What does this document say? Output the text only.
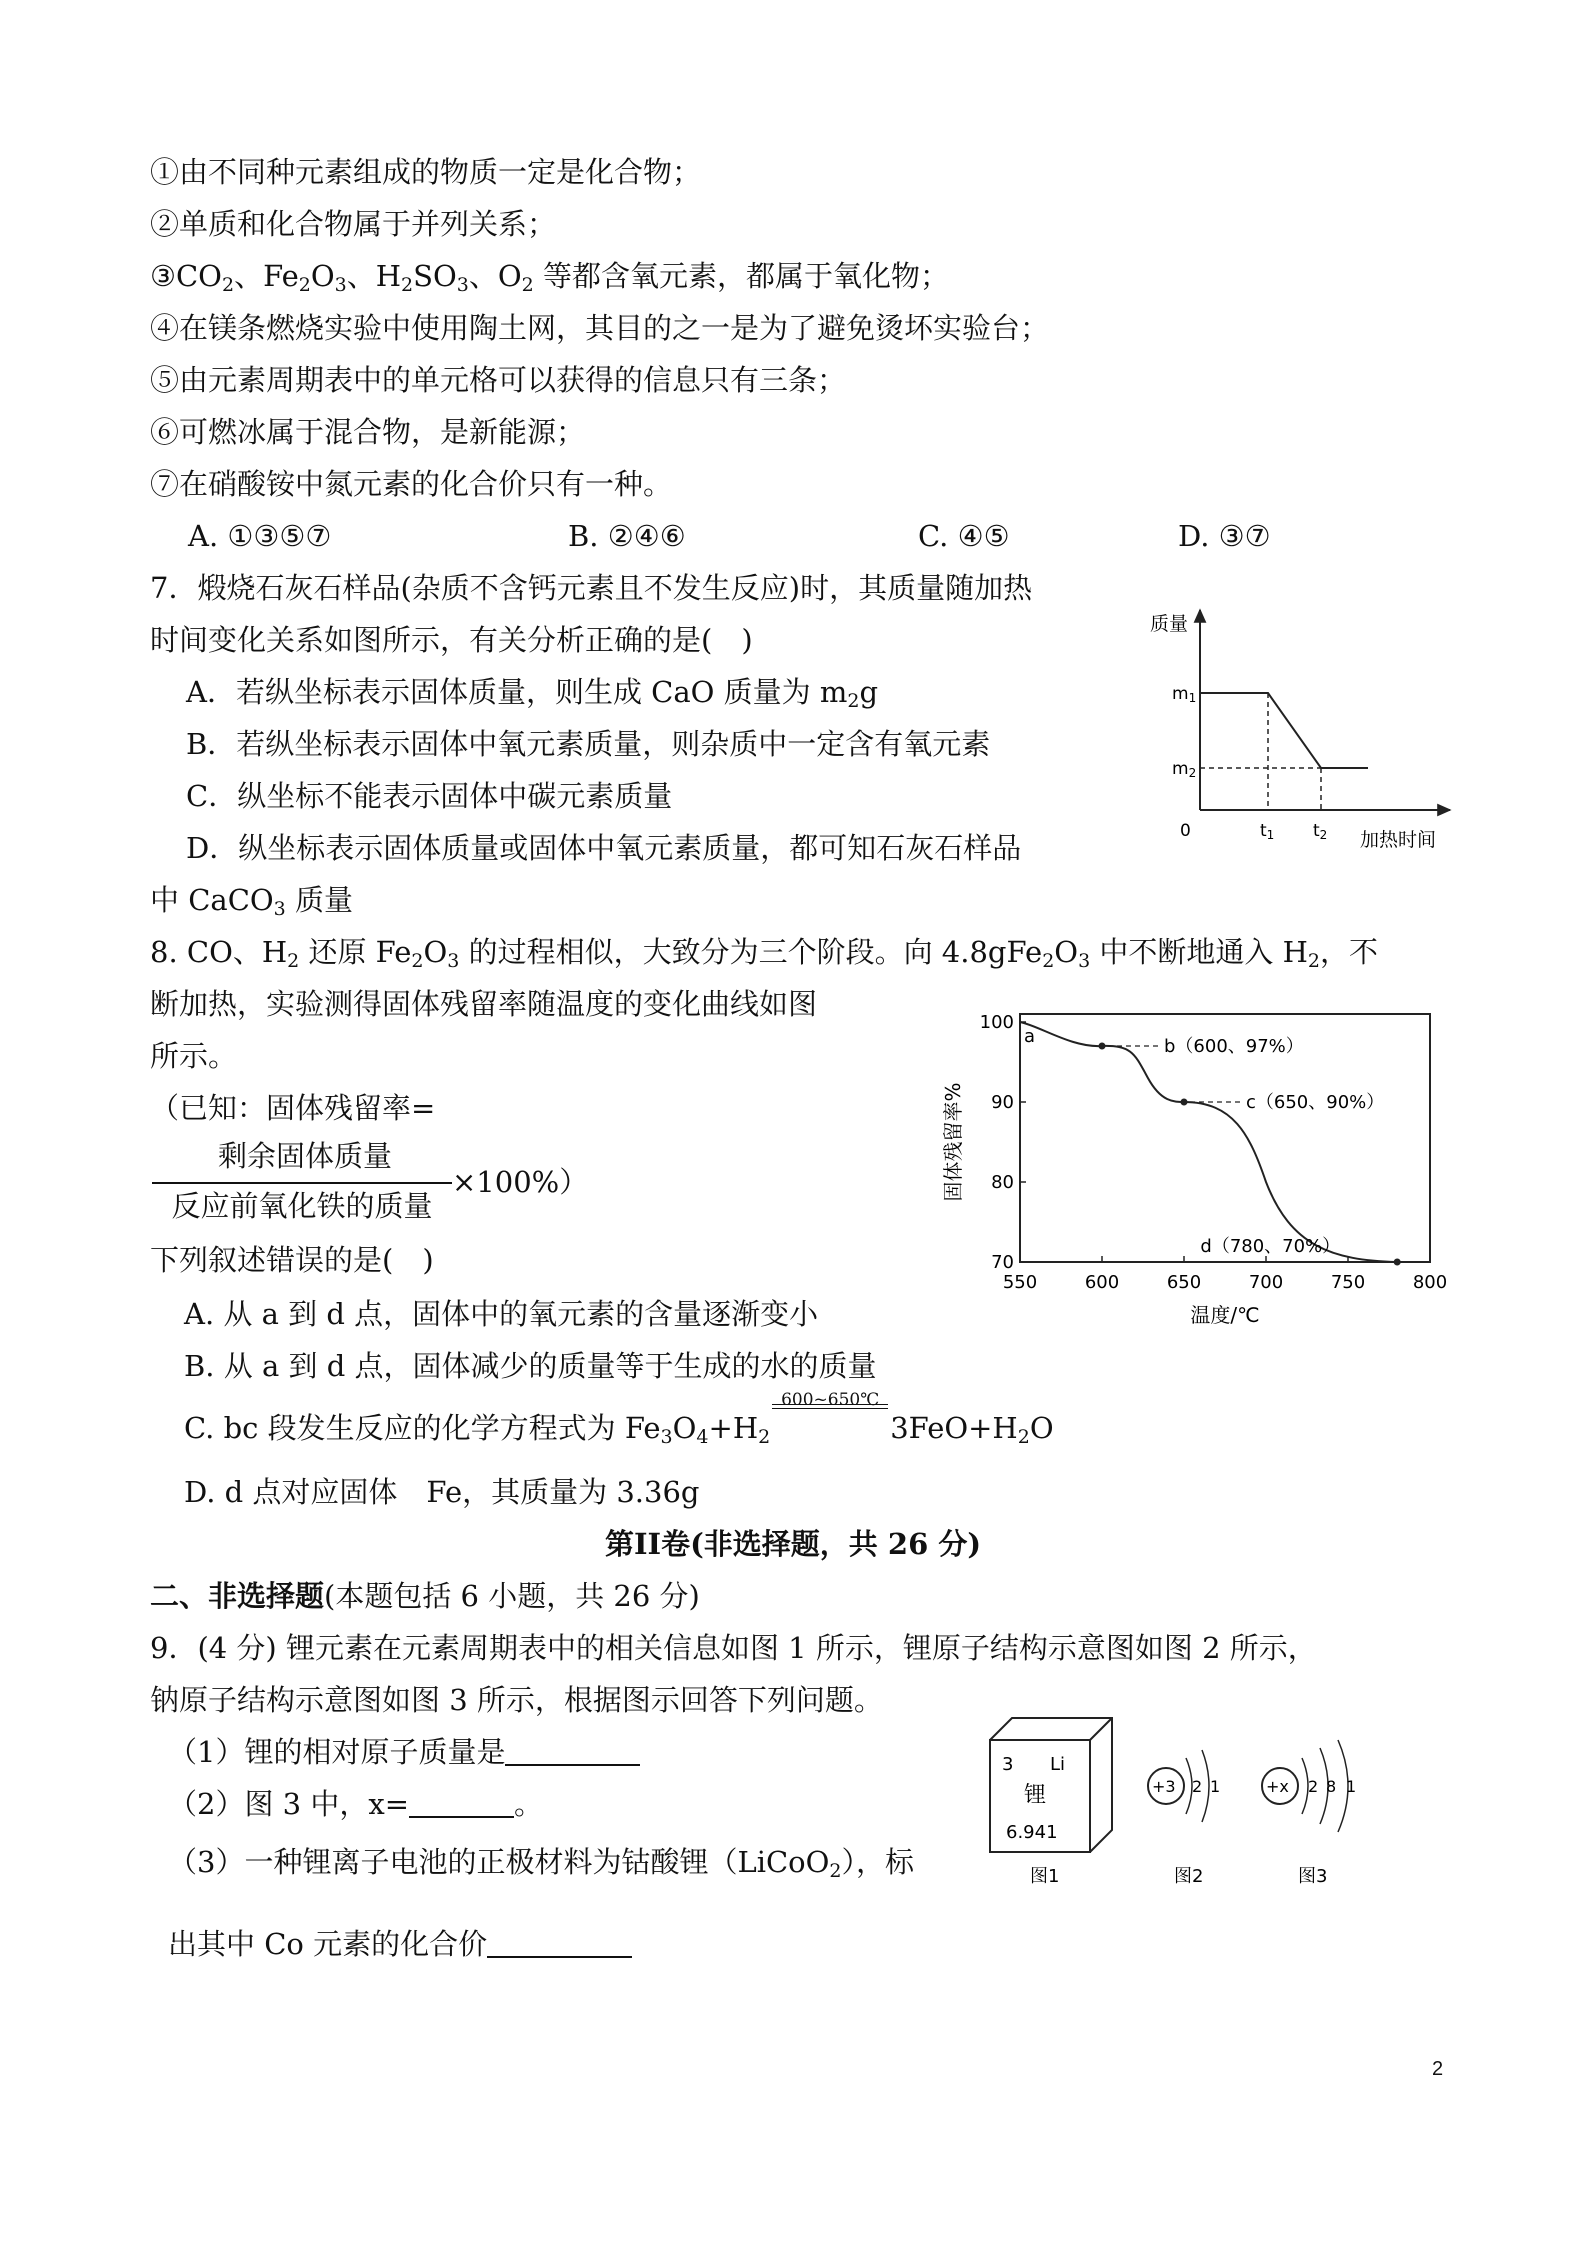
①由不同种元素组成的物质一定是化合物；
②单质和化合物属于并列关系；
$③CO_2$、$Fe_2O_3$、$H_2SO_3$、$O_2$ 等都含氧元素，都属于氧化物；
④在镁条燃烧实验中使用陶土网，其目的之一是为了避免烫坏实验台；
⑤由元素周期表中的单元格可以获得的信息只有三条；
⑥可燃冰属于混合物，是新能源；
⑦在硝酸铵中氮元素的化合价只有一种。
A. ①③⑤⑦	B. ②④⑥	C. ④⑤	D. ③⑦
7．煅烧石灰石样品(杂质不含钙元素且不发生反应)时，其质量随加热
时间变化关系如图所示，有关分析正确的是(　)
A．若纵坐标表示固体质量，则生成 CaO 质量为 $m_2g$
B．若纵坐标表示固体中氧元素质量，则杂质中一定含有氧元素
C．纵坐标不能表示固体中碳元素质量
D．纵坐标表示固体质量或固体中氧元素质量，都可知石灰石样品
中 CaCO$_3$ 质量
质量
m1
m2
0	t1 t2 加热时间
8. CO、$H_2$ 还原 $Fe_2O_3$ 的过程相似，大致分为三个阶段。向 $4.8gFe_2O_3$ 中不断地通入 $H_2$，不
断加热，实验测得固体残留率随温度的变化曲线如图
所示。
（已知：固体残留率=
剩余固体质量
反应前氧化铁的质量
×100%）
下列叙述错误的是(　)
A. 从 a 到 d 点，固体中的氧元素的含量逐渐变小
B. 从 a 到 d 点，固体减少的质量等于生成的水的质量
C. bc 段发生反应的化学方程式为 $Fe_3O_4+H_2$
600~650℃
$3FeO+H_2O$
D. d 点对应固体　Fe，其质量为 3.36g
550	600	650	700	750	800
100
90
80
70
a	b（600、97%）
c（650、90%）
d（780、70%）
温度/℃
固体残留率%
第II卷(非选择题，共 26 分)
二、非选择题(本题包括 6 小题，共 26 分)
9．(4 分) 锂元素在元素周期表中的相关信息如图 1 所示，锂原子结构示意图如图 2 所示，
钠原子结构示意图如图 3 所示，根据图示回答下列问题。
（1）锂的相对原子质量是
（2）图 3 中，x=	。
（3）一种锂离子电池的正极材料为钴酸锂（LiCoO$_2$），标
出其中 Co 元素的化合价
3 Li
锂
6.941
图1
+3 2 1
图2
+x 2 8 1
图3
2
